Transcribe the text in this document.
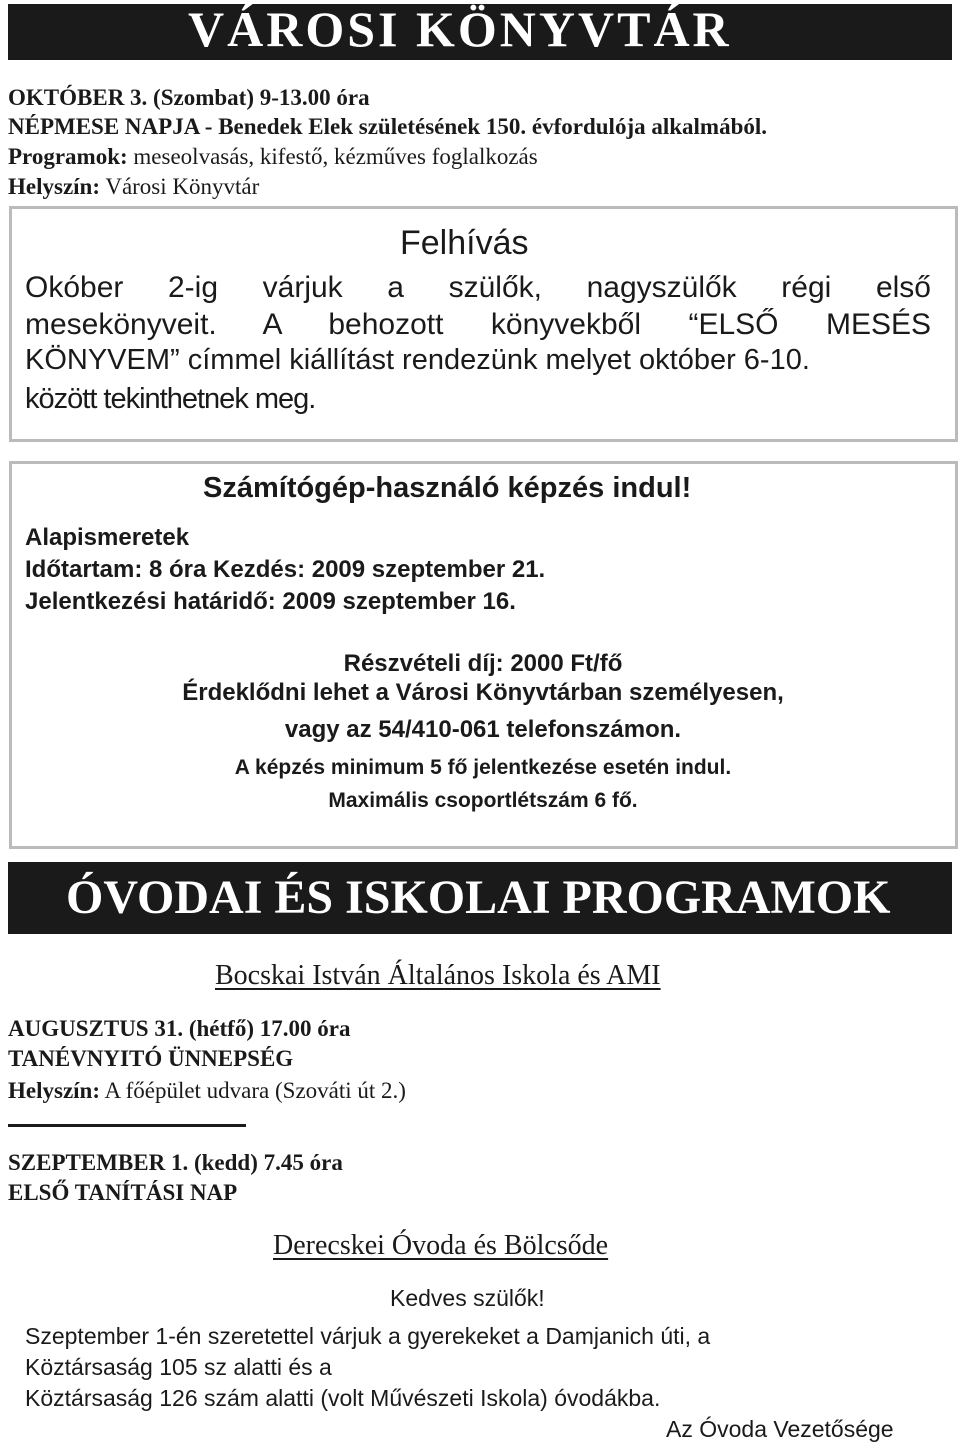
VÁROSI KÖNYVTÁR
OKTÓBER 3. (Szombat) 9-13.00 óra
NÉPMESE NAPJA - Benedek Elek születésének 150. évfordulója alkalmából.
Programok: meseolvasás, kifestő, kézműves foglalkozás
Helyszín: Városi Könyvtár
Felhívás
Okóber 2-ig várjuk a szülők, nagyszülők régi első
mesekönyveit. A behozott könyvekből “ELSŐ MESÉS
KÖNYVEM” címmel kiállítást rendezünk melyet október 6-10.
között tekinthetnek meg.
Számítógép-használó képzés indul!
Alapismeretek
Időtartam: 8 óra Kezdés: 2009 szeptember 21.
Jelentkezési határidő: 2009 szeptember 16.
Részvételi díj: 2000 Ft/fő
Érdeklődni lehet a Városi Könyvtárban személyesen,
vagy az 54/410-061 telefonszámon.
A képzés minimum 5 fő jelentkezése esetén indul.
Maximális csoportlétszám 6 fő.
ÓVODAI ÉS ISKOLAI PROGRAMOK
Bocskai István Általános Iskola és AMI
AUGUSZTUS 31. (hétfő) 17.00 óra
TANÉVNYITÓ ÜNNEPSÉG
Helyszín: A főépület udvara (Szováti út 2.)
SZEPTEMBER 1. (kedd) 7.45 óra
ELSŐ TANÍTÁSI NAP
Derecskei Óvoda és Bölcsőde
Kedves szülők!
Szeptember 1-én szeretettel várjuk a gyerekeket a Damjanich úti, a
Köztársaság 105 sz alatti és a
Köztársaság 126 szám alatti (volt Művészeti Iskola) óvodákba.
Az Óvoda Vezetősége
